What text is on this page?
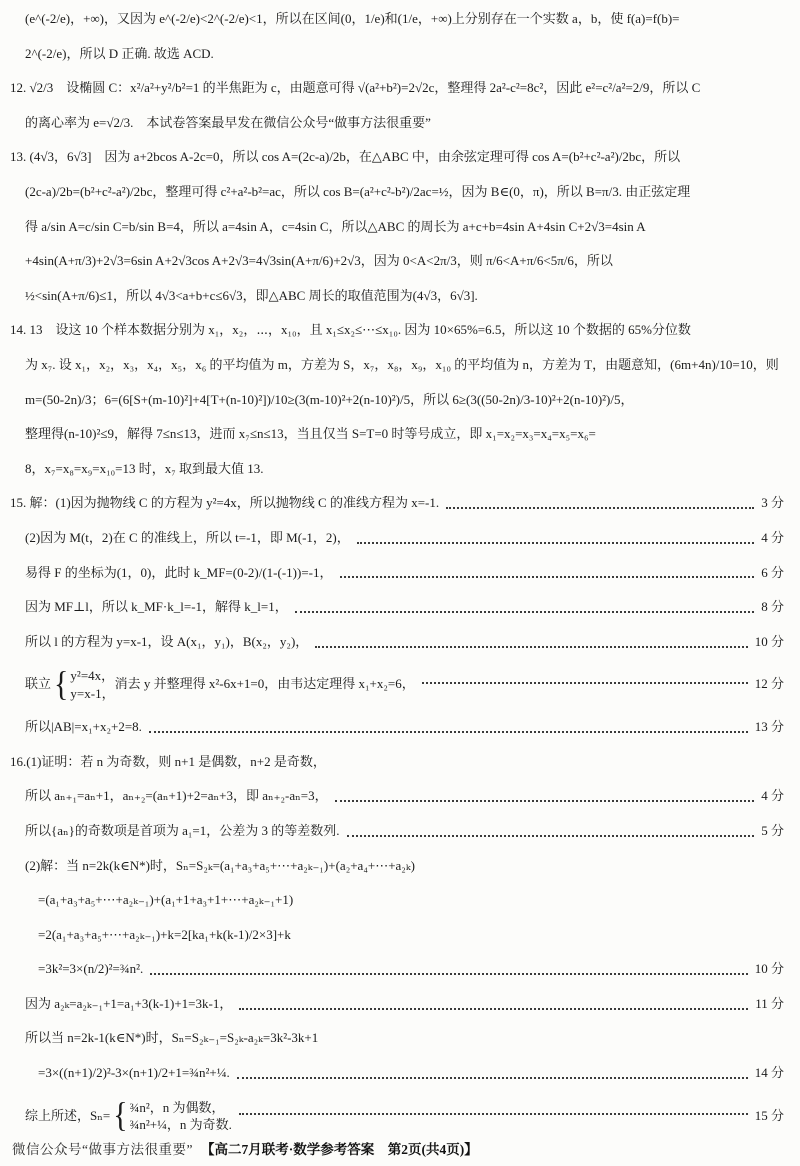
(e^(-2/e)，+∞)，又因为 e^(-2/e)<2^(-2/e)<1，所以在区间(0，1/e)和(1/e，+∞)上分别存在一个实数 a，b，使 f(a)=f(b)=
2^(-2/e)，所以 D 正确. 故选 ACD.
12. √2/3　设椭圆 C：x²/a²+y²/b²=1 的半焦距为 c，由题意可得 √(a²+b²)=2√2c，整理得 2a²-c²=8c²，因此 e²=c²/a²=2/9，所以 C
的离心率为 e=√2/3.　本试卷答案最早发在微信公众号“做事方法很重要”
13. (4√3，6√3]　因为 a+2bcos A-2c=0，所以 cos A=(2c-a)/2b，在△ABC 中，由余弦定理可得 cos A=(b²+c²-a²)/2bc，所以
(2c-a)/2b=(b²+c²-a²)/2bc，整理可得 c²+a²-b²=ac，所以 cos B=(a²+c²-b²)/2ac=½，因为 B∈(0，π)，所以 B=π/3. 由正弦定理
得 a/sin A=c/sin C=b/sin B=4，所以 a=4sin A，c=4sin C，所以△ABC 的周长为 a+c+b=4sin A+4sin C+2√3=4sin A
+4sin(A+π/3)+2√3=6sin A+2√3cos A+2√3=4√3sin(A+π/6)+2√3，因为 0<A<2π/3，则 π/6<A+π/6<5π/6，所以
½<sin(A+π/6)≤1，所以 4√3<a+b+c≤6√3，即△ABC 周长的取值范围为(4√3，6√3].
14. 13　设这 10 个样本数据分别为 x₁，x₂，⋯，x₁₀，且 x₁≤x₂≤⋯≤x₁₀. 因为 10×65%=6.5，所以这 10 个数据的 65%分位数
为 x₇. 设 x₁，x₂，x₃，x₄，x₅，x₆ 的平均值为 m，方差为 S，x₇，x₈，x₉，x₁₀ 的平均值为 n，方差为 T，由题意知，(6m+4n)/10=10，则
m=(50-2n)/3；6=(6[S+(m-10)²]+4[T+(n-10)²])/10≥(3(m-10)²+2(n-10)²)/5，所以 6≥(3((50-2n)/3-10)²+2(n-10)²)/5，
整理得(n-10)²≤9，解得 7≤n≤13，进而 x₇≤n≤13，当且仅当 S=T=0 时等号成立，即 x₁=x₂=x₃=x₄=x₅=x₆=
8，x₇=x₈=x₉=x₁₀=13 时，x₇ 取到最大值 13.
15. 解：(1)因为抛物线 C 的方程为 y²=4x，所以抛物线 C 的准线方程为 x=-1.	3 分
(2)因为 M(t，2)在 C 的准线上，所以 t=-1，即 M(-1，2)，	4 分
易得 F 的坐标为(1，0)，此时 k_MF=(0-2)/(1-(-1))=-1，	6 分
因为 MF⊥l，所以 k_MF·k_l=-1，解得 k_l=1，	8 分
所以 l 的方程为 y=x-1，设 A(x₁，y₁)，B(x₂，y₂)，	10 分
联立 { y²=4x，
y=x-1，
消去 y 并整理得 x²-6x+1=0，由韦达定理得 x₁+x₂=6，	12 分
所以|AB|=x₁+x₂+2=8.	13 分
16.(1)证明：若 n 为奇数，则 n+1 是偶数，n+2 是奇数，
所以 aₙ₊₁=aₙ+1，aₙ₊₂=(aₙ+1)+2=aₙ+3，即 aₙ₊₂-aₙ=3，	4 分
所以{aₙ}的奇数项是首项为 a₁=1，公差为 3 的等差数列.	5 分
(2)解：当 n=2k(k∈N*)时，Sₙ=S₂ₖ=(a₁+a₃+a₅+⋯+a₂ₖ₋₁)+(a₂+a₄+⋯+a₂ₖ)
=(a₁+a₃+a₅+⋯+a₂ₖ₋₁)+(a₁+1+a₃+1+⋯+a₂ₖ₋₁+1)
=2(a₁+a₃+a₅+⋯+a₂ₖ₋₁)+k=2[ka₁+k(k-1)/2×3]+k
=3k²=3×(n/2)²=¾n².	10 分
因为 a₂ₖ=a₂ₖ₋₁+1=a₁+3(k-1)+1=3k-1，	11 分
所以当 n=2k-1(k∈N*)时，Sₙ=S₂ₖ₋₁=S₂ₖ-a₂ₖ=3k²-3k+1
=3×((n+1)/2)²-3×(n+1)/2+1=¾n²+¼.	14 分
综上所述，Sₙ= { ¾n²，n 为偶数，
¾n²+¼，n 为奇数.
15 分
微信公众号“做事方法很重要” 【高二7月联考·数学参考答案　第2页(共4页)】
